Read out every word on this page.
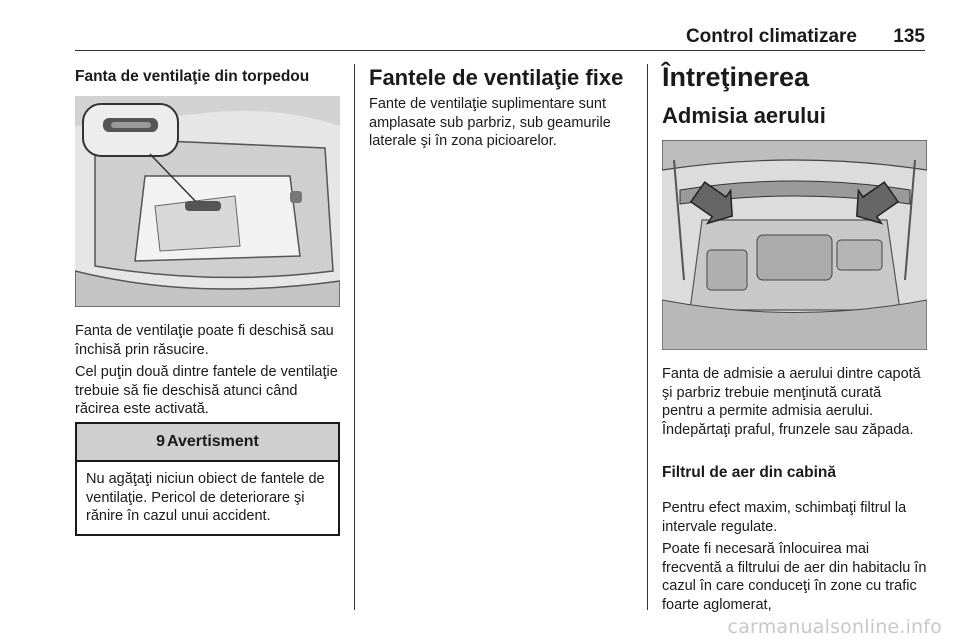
Control climatizare 135
Fanta de ventilaţie din torpedou

Fanta de ventilaţie poate fi deschisă sau închisă prin răsucire.

Cel puţin două dintre fantele de ventilaţie trebuie să fie deschisă atunci când răcirea este activată.

9 Avertisment

Nu agăţaţi niciun obiect de fantele de ventilaţie. Pericol de deteriorare şi rănire în cazul unui accident.

Fantele de ventilaţie fixe

Fante de ventilaţie suplimentare sunt amplasate sub parbriz, sub geamurile laterale şi în zona picioarelor.

Întreţinerea
Admisia aerului

Fanta de admisie a aerului dintre capotă şi parbriz trebuie menţinută curată pentru a permite admisia aerului. Îndepărtaţi praful, frunzele sau zăpada.

Filtrul de aer din cabină

Pentru efect maxim, schimbaţi filtrul la intervale regulate.

Poate fi necesară înlocuirea mai frecventă a filtrului de aer din habitaclu în cazul în care conduceţi în zone cu trafic foarte aglomerat,

carmanualsonline.info
